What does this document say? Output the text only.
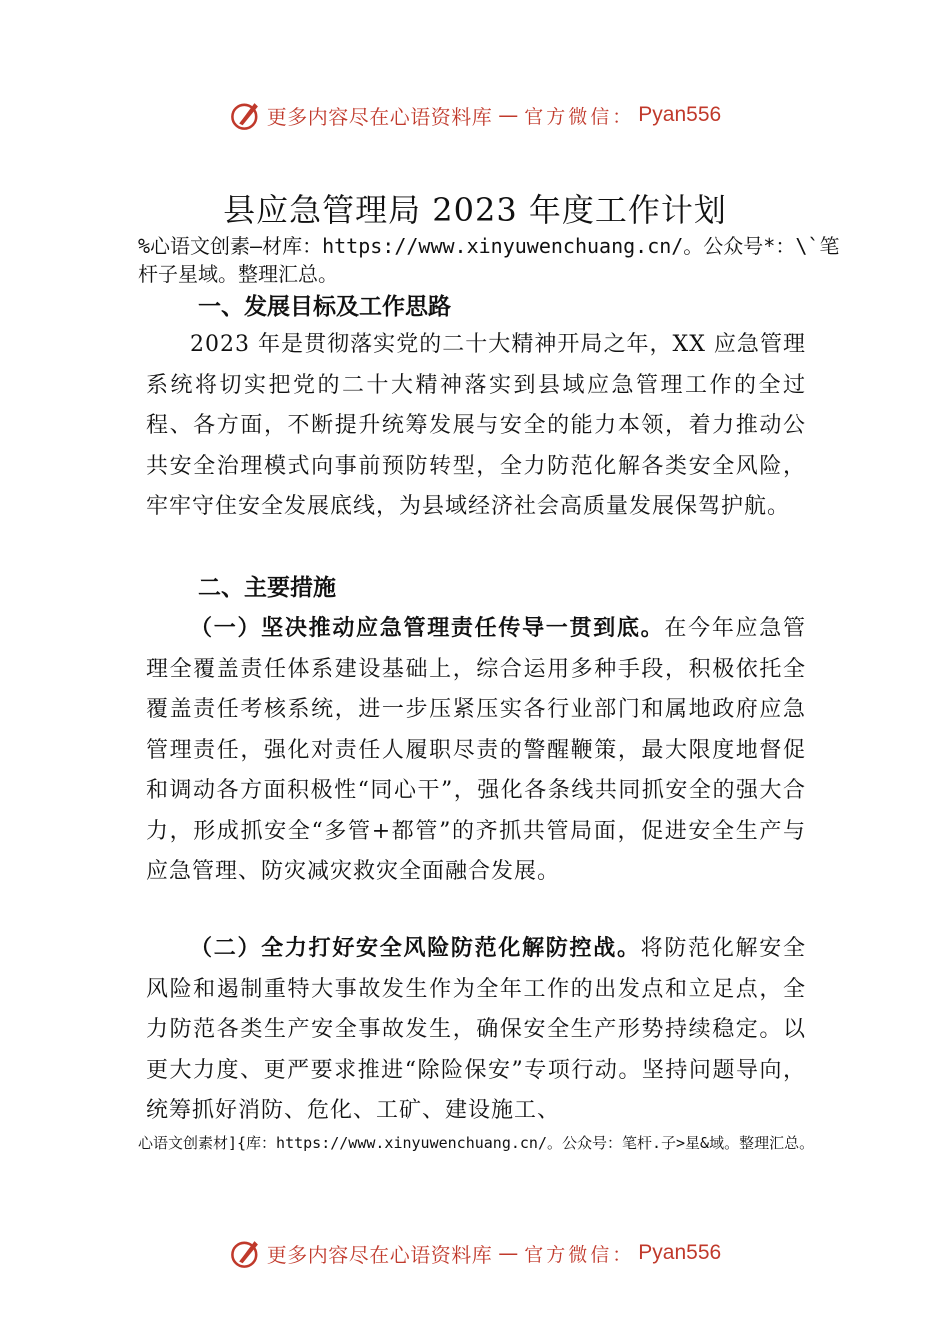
更多内容尽在心语资料库 — 官方微信： Pyan556
县应急管理局 2023 年度工作计划

%心语文创素—材库：https://www.xinyuwenchuang.cn/。公众号*：\`笔杆子星域。整理汇总。

一、发展目标及工作思路

2023 年是贯彻落实党的二十大精神开局之年，XX 应急管理系统将切实把党的二十大精神落实到县域应急管理工作的全过程、各方面，不断提升统筹发展与安全的能力本领，着力推动公共安全治理模式向事前预防转型，全力防范化解各类安全风险，牢牢守住安全发展底线，为县域经济社会高质量发展保驾护航。

二、主要措施

（一）坚决推动应急管理责任传导一贯到底。在今年应急管理全覆盖责任体系建设基础上，综合运用多种手段，积极依托全覆盖责任考核系统，进一步压紧压实各行业部门和属地政府应急管理责任，强化对责任人履职尽责的警醒鞭策，最大限度地督促和调动各方面积极性“同心干”，强化各条线共同抓安全的强大合力，形成抓安全“多管+都管”的齐抓共管局面，促进安全生产与应急管理、防灾减灾救灾全面融合发展。

（二）全力打好安全风险防范化解防控战。将防范化解安全风险和遏制重特大事故发生作为全年工作的出发点和立足点，全力防范各类生产安全事故发生，确保安全生产形势持续稳定。以更大力度、更严要求推进“除险保安”专项行动。坚持问题导向，统筹抓好消防、危化、工矿、建设施工、

心语文创素材]{库：https://www.xinyuwenchuang.cn/。公众号：笔杆.子>星&域。整理汇总。

更多内容尽在心语资料库 — 官方微信： Pyan556
